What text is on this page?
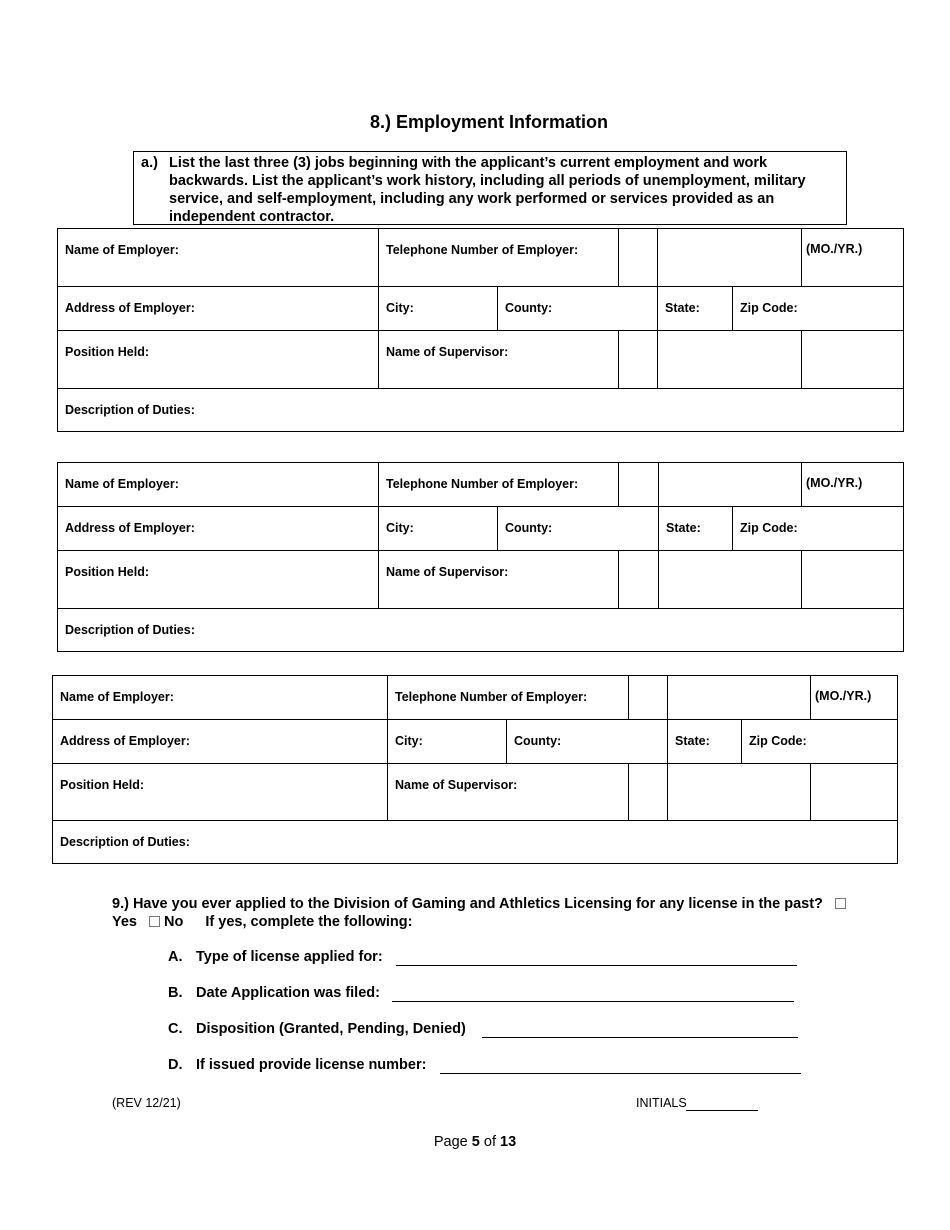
8.) Employment Information
a.) List the last three (3) jobs beginning with the applicant’s current employment and work backwards. List the applicant’s work history, including all periods of unemployment, military service, and self-employment, including any work performed or services provided as an independent contractor.
Name of Employer:	Telephone Number of Employer:	(MO./YR.)
Address of Employer:	City:	County:	State:	Zip Code:
Position Held:	Name of Supervisor:
Description of Duties:
Name of Employer:	Telephone Number of Employer:	(MO./YR.)
Address of Employer:	City:	County:	State:	Zip Code:
Position Held:	Name of Supervisor:
Description of Duties:
Name of Employer:	Telephone Number of Employer:	(MO./YR.)
Address of Employer:	City:	County:	State:	Zip Code:
Position Held:	Name of Supervisor:
Description of Duties:
9.) Have you ever applied to the Division of Gaming and Athletics Licensing for any license in the past? Yes No If yes, complete the following:
A. Type of license applied for:
B. Date Application was filed:
C. Disposition (Granted, Pending, Denied)
D. If issued provide license number:
(REV 12/21)	INITIALS
Page 5 of 13
